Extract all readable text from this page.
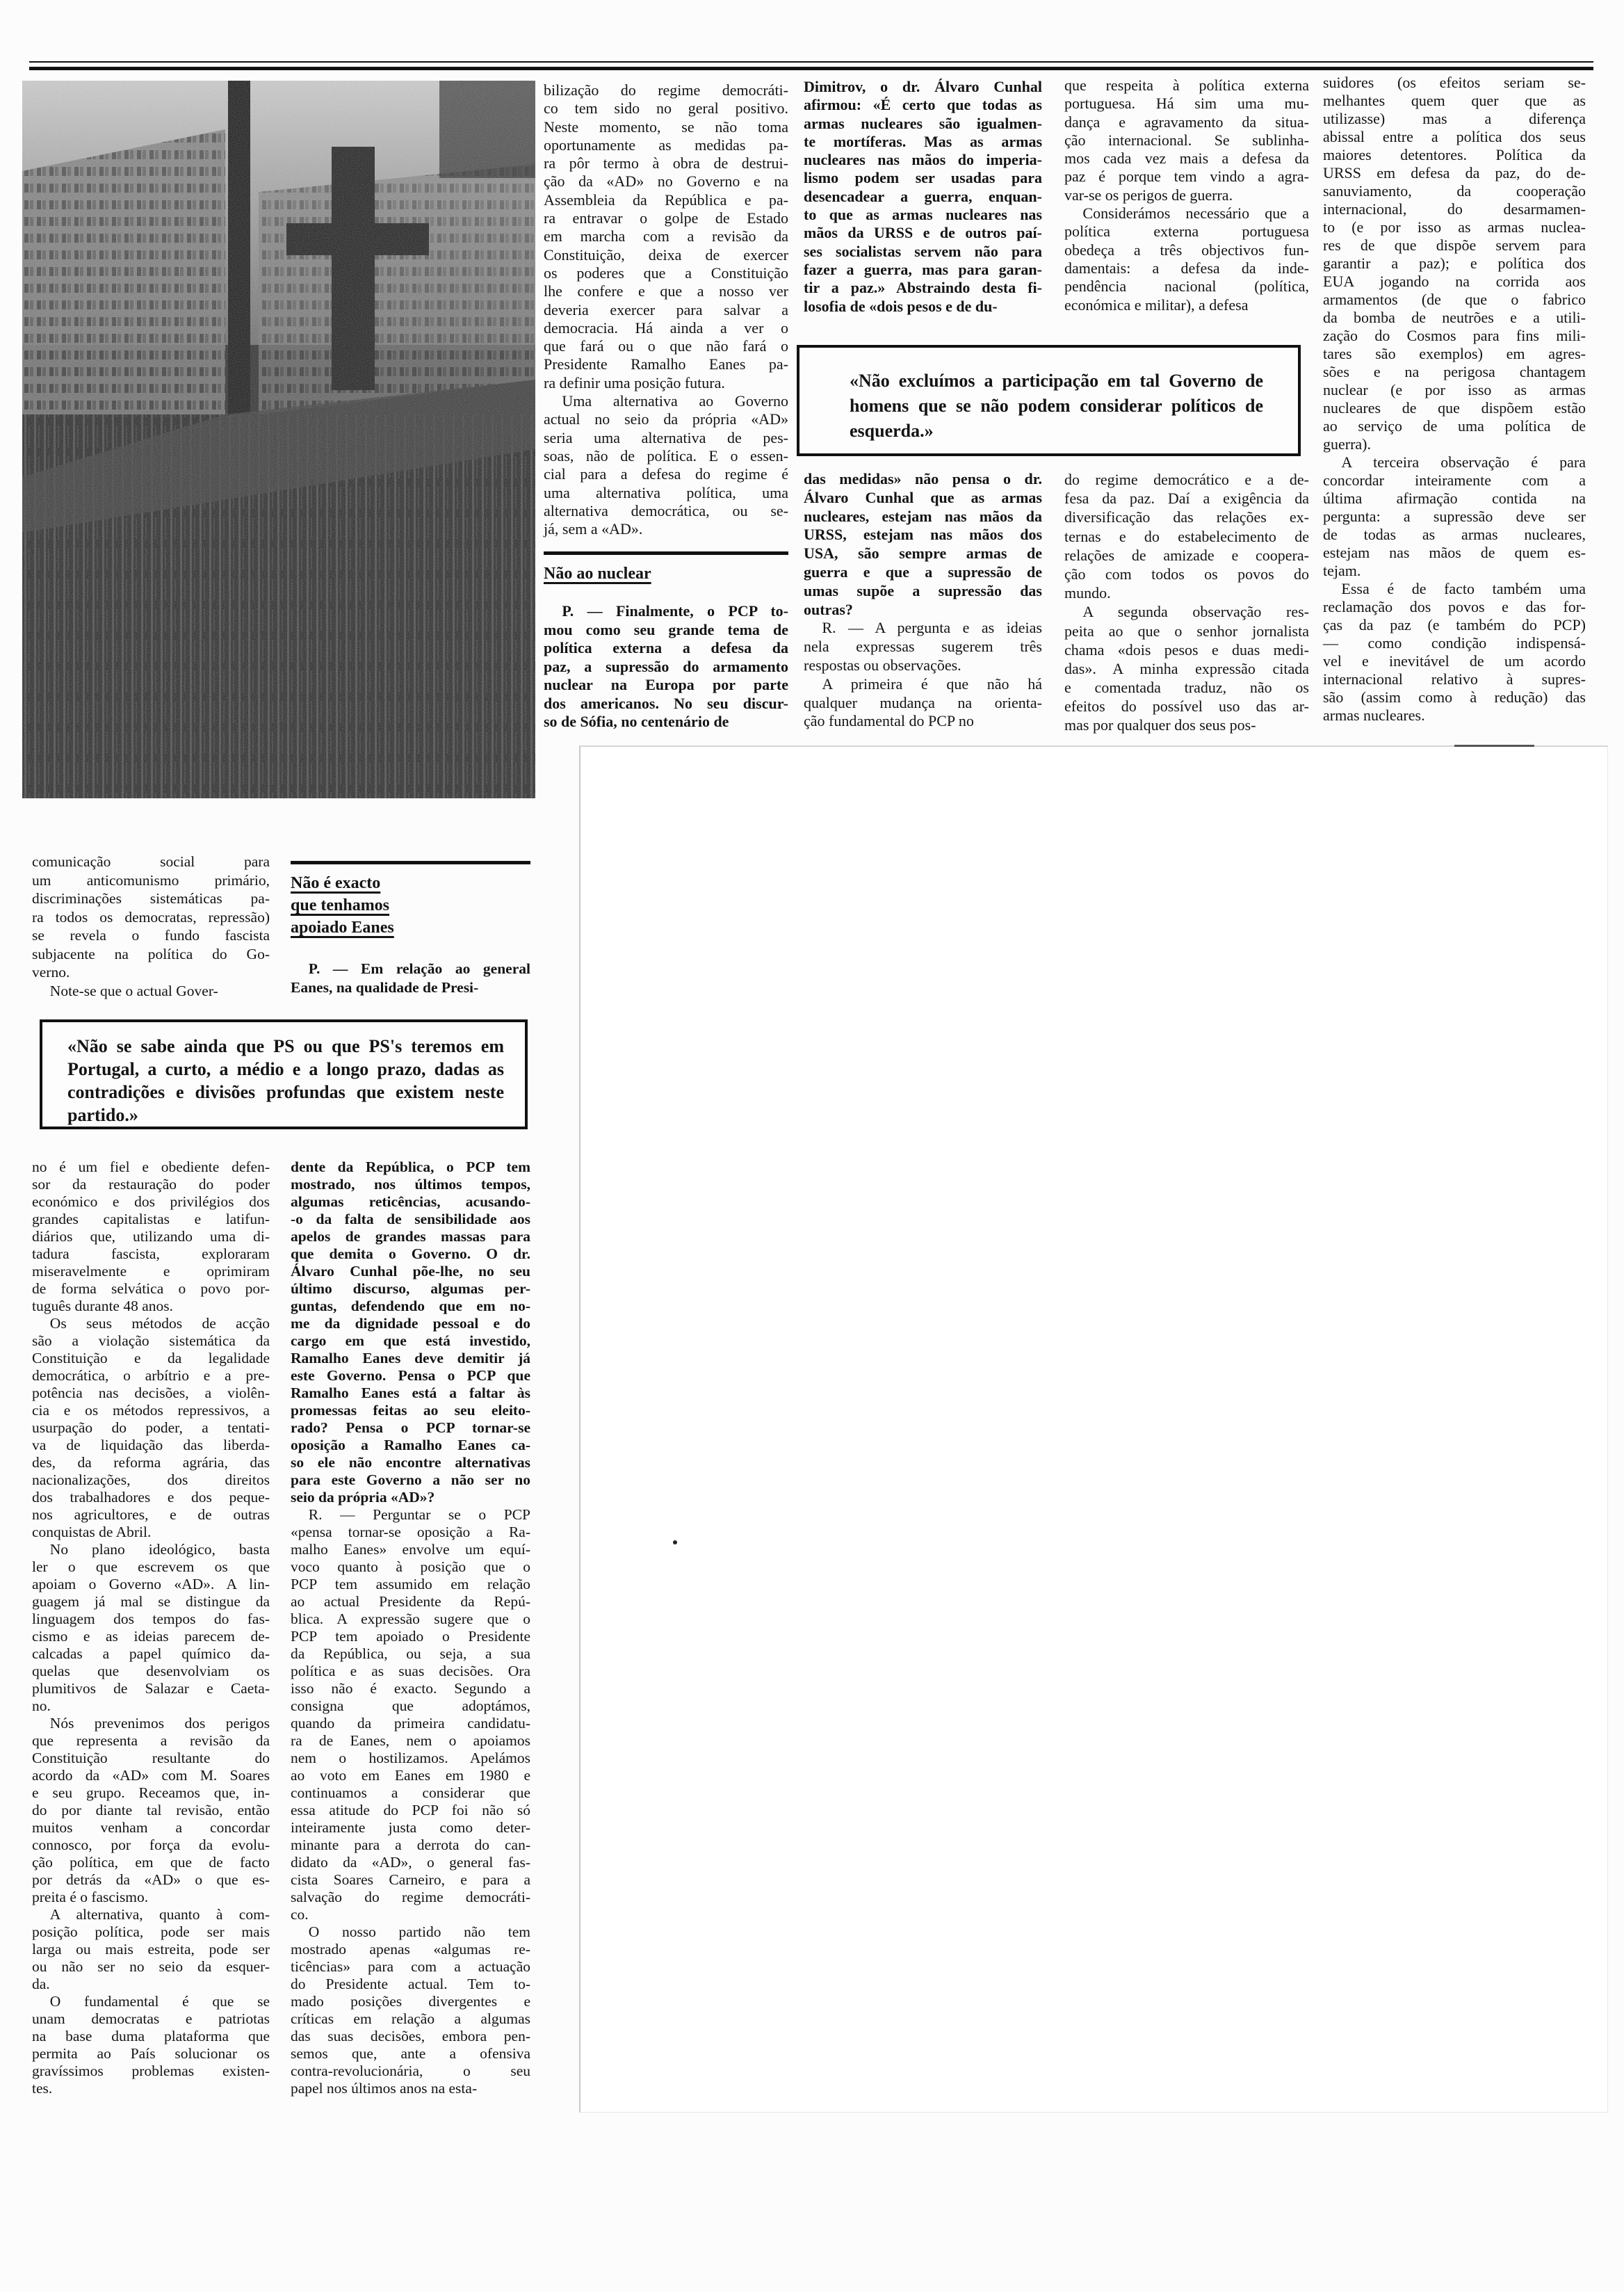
bilização do regime democráti-
co tem sido no geral positivo.
Neste momento, se não toma
oportunamente as medidas pa-
ra pôr termo à obra de destrui-
ção da «AD» no Governo e na
Assembleia da República e pa-
ra entravar o golpe de Estado
em marcha com a revisão da
Constituição, deixa de exercer
os poderes que a Constituição
lhe confere e que a nosso ver
deveria exercer para salvar a
democracia. Há ainda a ver o
que fará ou o que não fará o
Presidente Ramalho Eanes pa-
ra definir uma posição futura.
Uma alternativa ao Governo
actual no seio da própria «AD»
seria uma alternativa de pes-
soas, não de política. E o essen-
cial para a defesa do regime é
uma alternativa política, uma
alternativa democrática, ou se-
já, sem a «AD».
Não ao nuclear
P. — Finalmente, o PCP to-
mou como seu grande tema de
política externa a defesa da
paz, a supressão do armamento
nuclear na Europa por parte
dos americanos. No seu discur-
so de Sófia, no centenário de
Dimitrov, o dr. Álvaro Cunhal
afirmou: «É certo que todas as
armas nucleares são igualmen-
te mortíferas. Mas as armas
nucleares nas mãos do imperia-
lismo podem ser usadas para
desencadear a guerra, enquan-
to que as armas nucleares nas
mãos da URSS e de outros paí-
ses socialistas servem não para
fazer a guerra, mas para garan-
tir a paz.» Abstraindo desta fi-
losofia de «dois pesos e de du-
que respeita à política externa
portuguesa. Há sim uma mu-
dança e agravamento da situa-
ção internacional. Se sublinha-
mos cada vez mais a defesa da
paz é porque tem vindo a agra-
var-se os perigos de guerra.
Considerámos necessário que a
política externa portuguesa
obedeça a três objectivos fun-
damentais: a defesa da inde-
pendência nacional (política,
económica e militar), a defesa
suidores (os efeitos seriam se-
melhantes quem quer que as
utilizasse) mas a diferença
abissal entre a política dos seus
maiores detentores. Política da
URSS em defesa da paz, do de-
sanuviamento, da cooperação
internacional, do desarmamen-
to (e por isso as armas nuclea-
res de que dispõe servem para
garantir a paz); e política dos
EUA jogando na corrida aos
armamentos (de que o fabrico
da bomba de neutrões e a utili-
zação do Cosmos para fins mili-
tares são exemplos) em agres-
sões e na perigosa chantagem
nuclear (e por isso as armas
nucleares de que dispõem estão
ao serviço de uma política de
guerra).
A terceira observação é para
concordar inteiramente com a
última afirmação contida na
pergunta: a supressão deve ser
de todas as armas nucleares,
estejam nas mãos de quem es-
tejam.
Essa é de facto também uma
reclamação dos povos e das for-
ças da paz (e também do PCP)
— como condição indispensá-
vel e inevitável de um acordo
internacional relativo à supres-
são (assim como à redução) das
armas nucleares.
«Não excluímos a participação em tal Governo de
homens que se não podem considerar políticos de
esquerda.»
das medidas» não pensa o dr.
Álvaro Cunhal que as armas
nucleares, estejam nas mãos da
URSS, estejam nas mãos dos
USA, são sempre armas de
guerra e que a supressão de
umas supõe a supressão das
outras?
R. — A pergunta e as ideias
nela expressas sugerem três
respostas ou observações.
A primeira é que não há
qualquer mudança na orienta-
ção fundamental do PCP no
do regime democrático e a de-
fesa da paz. Daí a exigência da
diversificação das relações ex-
ternas e do estabelecimento de
relações de amizade e coopera-
ção com todos os povos do
mundo.
A segunda observação res-
peita ao que o senhor jornalista
chama «dois pesos e duas medi-
das». A minha expressão citada
e comentada traduz, não os
efeitos do possível uso das ar-
mas por qualquer dos seus pos-
comunicação social para
um anticomunismo primário,
discriminações sistemáticas pa-
ra todos os democratas, repressão)
se revela o fundo fascista
subjacente na política do Go-
verno.
Note-se que o actual Gover-
Não é exacto
que tenhamos
apoiado Eanes
P. — Em relação ao general
Eanes, na qualidade de Presi-
«Não se sabe ainda que PS ou que PS's teremos em
Portugal, a curto, a médio e a longo prazo, dadas as
contradições e divisões profundas que existem neste
partido.»
no é um fiel e obediente defen-
sor da restauração do poder
económico e dos privilégios dos
grandes capitalistas e latifun-
diários que, utilizando uma di-
tadura fascista, exploraram
miseravelmente e oprimiram
de forma selvática o povo por-
tuguês durante 48 anos.
Os seus métodos de acção
são a violação sistemática da
Constituição e da legalidade
democrática, o arbítrio e a pre-
potência nas decisões, a violên-
cia e os métodos repressivos, a
usurpação do poder, a tentati-
va de liquidação das liberda-
des, da reforma agrária, das
nacionalizações, dos direitos
dos trabalhadores e dos peque-
nos agricultores, e de outras
conquistas de Abril.
No plano ideológico, basta
ler o que escrevem os que
apoiam o Governo «AD». A lin-
guagem já mal se distingue da
linguagem dos tempos do fas-
cismo e as ideias parecem de-
calcadas a papel químico da-
quelas que desenvolviam os
plumitivos de Salazar e Caeta-
no.
Nós prevenimos dos perigos
que representa a revisão da
Constituição resultante do
acordo da «AD» com M. Soares
e seu grupo. Receamos que, in-
do por diante tal revisão, então
muitos venham a concordar
connosco, por força da evolu-
ção política, em que de facto
por detrás da «AD» o que es-
preita é o fascismo.
A alternativa, quanto à com-
posição política, pode ser mais
larga ou mais estreita, pode ser
ou não ser no seio da esquer-
da.
O fundamental é que se
unam democratas e patriotas
na base duma plataforma que
permita ao País solucionar os
gravíssimos problemas existen-
tes.
dente da República, o PCP tem
mostrado, nos últimos tempos,
algumas reticências, acusando-
-o da falta de sensibilidade aos
apelos de grandes massas para
que demita o Governo. O dr.
Álvaro Cunhal põe-lhe, no seu
último discurso, algumas per-
guntas, defendendo que em no-
me da dignidade pessoal e do
cargo em que está investido,
Ramalho Eanes deve demitir já
este Governo. Pensa o PCP que
Ramalho Eanes está a faltar às
promessas feitas ao seu eleito-
rado? Pensa o PCP tornar-se
oposição a Ramalho Eanes ca-
so ele não encontre alternativas
para este Governo a não ser no
seio da própria «AD»?
R. — Perguntar se o PCP
«pensa tornar-se oposição a Ra-
malho Eanes» envolve um equí-
voco quanto à posição que o
PCP tem assumido em relação
ao actual Presidente da Repú-
blica. A expressão sugere que o
PCP tem apoiado o Presidente
da República, ou seja, a sua
política e as suas decisões. Ora
isso não é exacto. Segundo a
consigna que adoptámos,
quando da primeira candidatu-
ra de Eanes, nem o apoiamos
nem o hostilizamos. Apelámos
ao voto em Eanes em 1980 e
continuamos a considerar que
essa atitude do PCP foi não só
inteiramente justa como deter-
minante para a derrota do can-
didato da «AD», o general fas-
cista Soares Carneiro, e para a
salvação do regime democráti-
co.
O nosso partido não tem
mostrado apenas «algumas re-
ticências» para com a actuação
do Presidente actual. Tem to-
mado posições divergentes e
críticas em relação a algumas
das suas decisões, embora pen-
semos que, ante a ofensiva
contra-revolucionária, o seu
papel nos últimos anos na esta-
